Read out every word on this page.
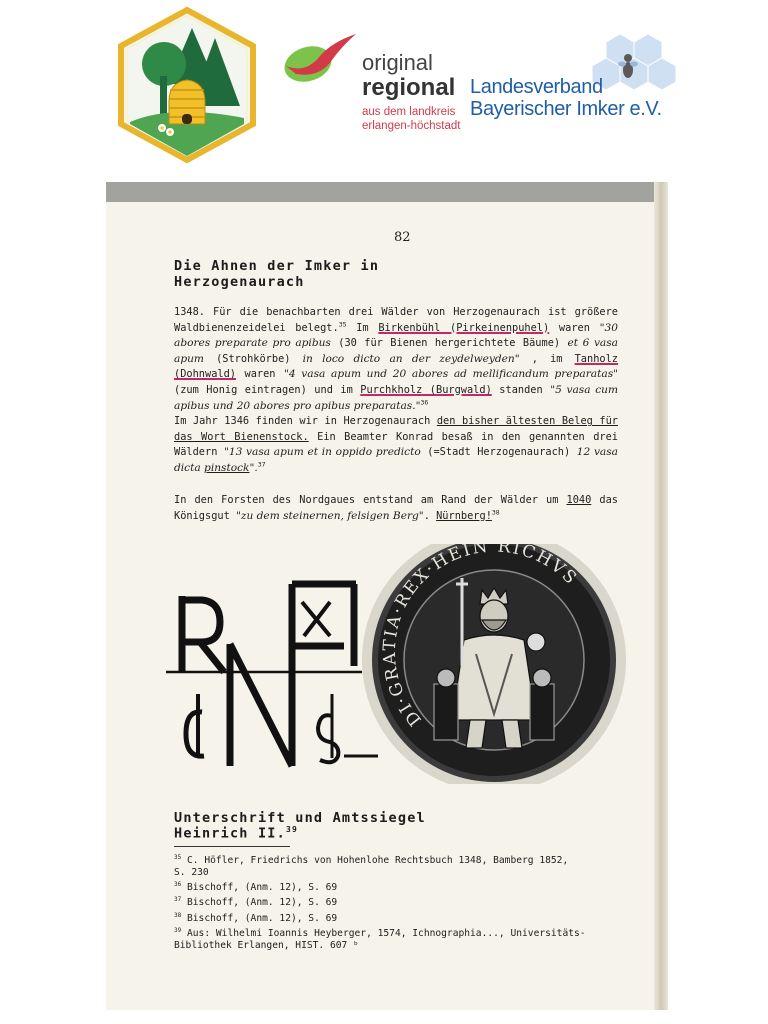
original
regional
aus dem landkreis
erlangen-höchstadt
Landesverband
Bayerischer Imker e.V.
82
Die Ahnen der Imker in
Herzogenaurach

1348. Für die benachbarten drei Wälder von Herzogenaurach ist größere Waldbienenzeidelei belegt.$^{35}$ Im Birkenbühl (Pirkeinenpuhel) waren "30 abores preparate pro apibus (30 für Bienen hergerichtete Bäume) et 6 vasa apum (Strohkörbe) in loco dicto an der zeydelweyden" , im Tanholz (Dohnwald) waren "4 vasa apum und 20 abores ad mellificandum preparatas" (zum Honig eintragen) und im Purchkholz (Burgwald) standen "5 vasa cum apibus und 20 abores pro apibus preparatas."$^{36}$

Im Jahr 1346 finden wir in Herzogenaurach den bisher ältesten Beleg für das Wort Bienenstock. Ein Beamter Konrad besaß in den genannten drei Wäldern "13 vasa apum et in oppido predicto (=Stadt Herzogenaurach) 12 vasa dicta pinstock".$^{37}$

In den Forsten des Nordgaues entstand am Rand der Wälder um 1040 das Königsgut "zu dem steinernen, felsigen Berg". Nürnberg!$^{38}$

DI·GRATIA·REX·HEIN RICHVS
Unterschrift und Amtssiegel
Heinrich II.$^{39}$
$^{35}$ C. Höfler, Friedrichs von Hohenlohe Rechtsbuch 1348, Bamberg 1852,
S. 230
$^{36}$ Bischoff, (Anm. 12), S. 69
$^{37}$ Bischoff, (Anm. 12), S. 69
$^{38}$ Bischoff, (Anm. 12), S. 69
$^{39}$ Aus: Wilhelmi Ioannis Heyberger, 1574, Ichnographia..., Universitäts-
Bibliothek Erlangen, HIST. 607 ᵇ
